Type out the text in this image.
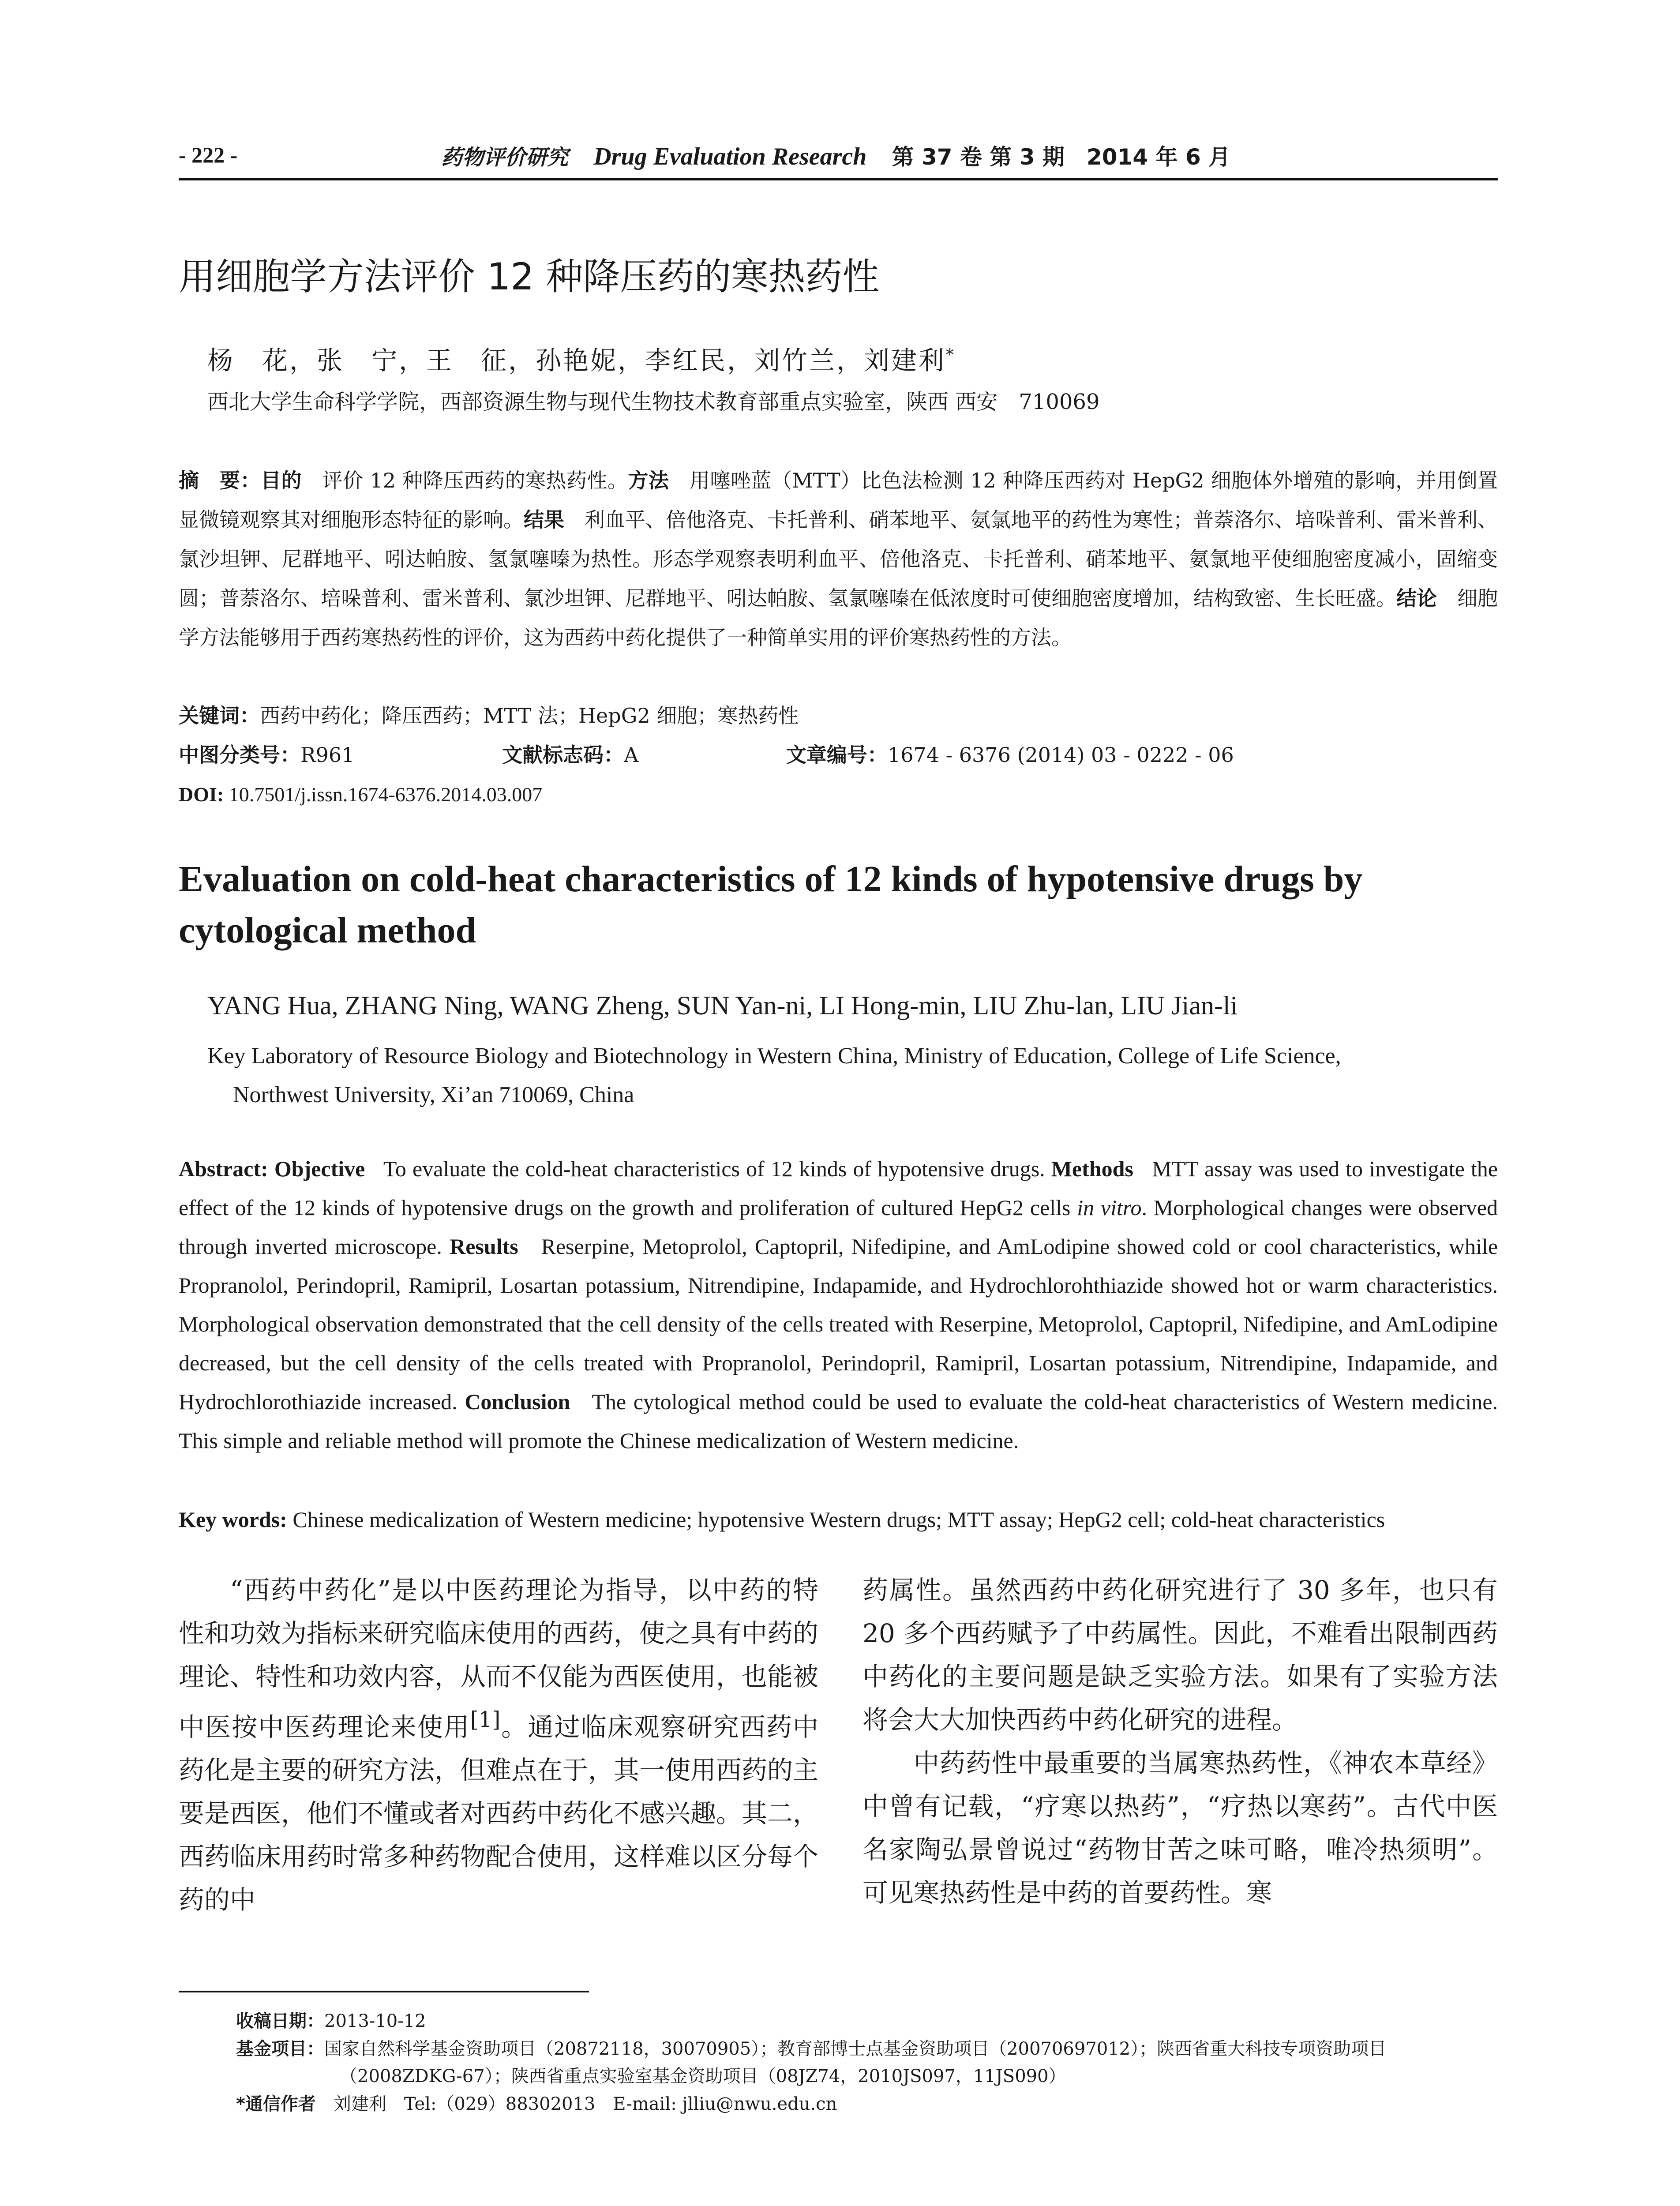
- 222 -	药物评价研究 Drug Evaluation Research 第 37 卷 第 3 期　2014 年 6 月
用细胞学方法评价 12 种降压药的寒热药性
杨　花，张　宁，王　征，孙艳妮，李红民，刘竹兰，刘建利*
西北大学生命科学学院，西部资源生物与现代生物技术教育部重点实验室，陕西 西安　710069
摘　要：目的　 评价 12 种降压西药的寒热药性。方法　 用噻唑蓝（MTT）比色法检测 12 种降压西药对 HepG2 细胞体外增殖的影响，并用倒置显微镜观察其对细胞形态特征的影响。结果　 利血平、倍他洛克、卡托普利、硝苯地平、氨氯地平的药性为寒性；普萘洛尔、培哚普利、雷米普利、氯沙坦钾、尼群地平、吲达帕胺、氢氯噻嗪为热性。形态学观察表明利血平、倍他洛克、卡托普利、硝苯地平、氨氯地平使细胞密度减小，固缩变圆；普萘洛尔、培哚普利、雷米普利、氯沙坦钾、尼群地平、吲达帕胺、氢氯噻嗪在低浓度时可使细胞密度增加，结构致密、生长旺盛。结论　 细胞学方法能够用于西药寒热药性的评价，这为西药中药化提供了一种简单实用的评价寒热药性的方法。
关键词：西药中药化；降压西药；MTT 法；HepG2 细胞；寒热药性
中图分类号：R961	文献标志码：A	文章编号：1674 - 6376 (2014) 03 - 0222 - 06
DOI: 10.7501/j.issn.1674-6376.2014.03.007
Evaluation on cold-heat characteristics of 12 kinds of hypotensive drugs by cytological method
YANG Hua, ZHANG Ning, WANG Zheng, SUN Yan-ni, LI Hong-min, LIU Zhu-lan, LIU Jian-li
Key Laboratory of Resource Biology and Biotechnology in Western China, Ministry of Education, College of Life Science,
Northwest University, Xi’an 710069, China
Abstract: Objective To evaluate the cold-heat characteristics of 12 kinds of hypotensive drugs. Methods MTT assay was used to investigate the effect of the 12 kinds of hypotensive drugs on the growth and proliferation of cultured HepG2 cells in vitro. Morphological changes were observed through inverted microscope. Results Reserpine, Metoprolol, Captopril, Nifedipine, and AmLodipine showed cold or cool characteristics, while Propranolol, Perindopril, Ramipril, Losartan potassium, Nitrendipine, Indapamide, and Hydrochlorohthiazide showed hot or warm characteristics. Morphological observation demonstrated that the cell density of the cells treated with Reserpine, Metoprolol, Captopril, Nifedipine, and AmLodipine decreased, but the cell density of the cells treated with Propranolol, Perindopril, Ramipril, Losartan potassium, Nitrendipine, Indapamide, and Hydrochlorothiazide increased. Conclusion The cytological method could be used to evaluate the cold-heat characteristics of Western medicine. This simple and reliable method will promote the Chinese medicalization of Western medicine.
Key words: Chinese medicalization of Western medicine; hypotensive Western drugs; MTT assay; HepG2 cell; cold-heat characteristics

“西药中药化”是以中医药理论为指导，以中药的特性和功效为指标来研究临床使用的西药，使之具有中药的理论、特性和功效内容，从而不仅能为西医使用，也能被中医按中医药理论来使用[1]。通过临床观察研究西药中药化是主要的研究方法，但难点在于，其一使用西药的主要是西医，他们不懂或者对西药中药化不感兴趣。其二，西药临床用药时常多种药物配合使用，这样难以区分每个药的中

药属性。虽然西药中药化研究进行了 30 多年，也只有 20 多个西药赋予了中药属性。因此，不难看出限制西药中药化的主要问题是缺乏实验方法。如果有了实验方法将会大大加快西药中药化研究的进程。

中药药性中最重要的当属寒热药性，《神农本草经》中曾有记载，“疗寒以热药”，“疗热以寒药”。古代中医名家陶弘景曾说过“药物甘苦之味可略，唯冷热须明”。可见寒热药性是中药的首要药性。寒

收稿日期：2013-10-12
基金项目：国家自然科学基金资助项目（20872118，30070905）；教育部博士点基金资助项目（20070697012）；陕西省重大科技专项资助项目
（2008ZDKG-67）；陕西省重点实验室基金资助项目（08JZ74，2010JS097，11JS090）
*通信作者　 刘建利　Tel:（029）88302013　E-mail: jlliu@nwu.edu.cn
